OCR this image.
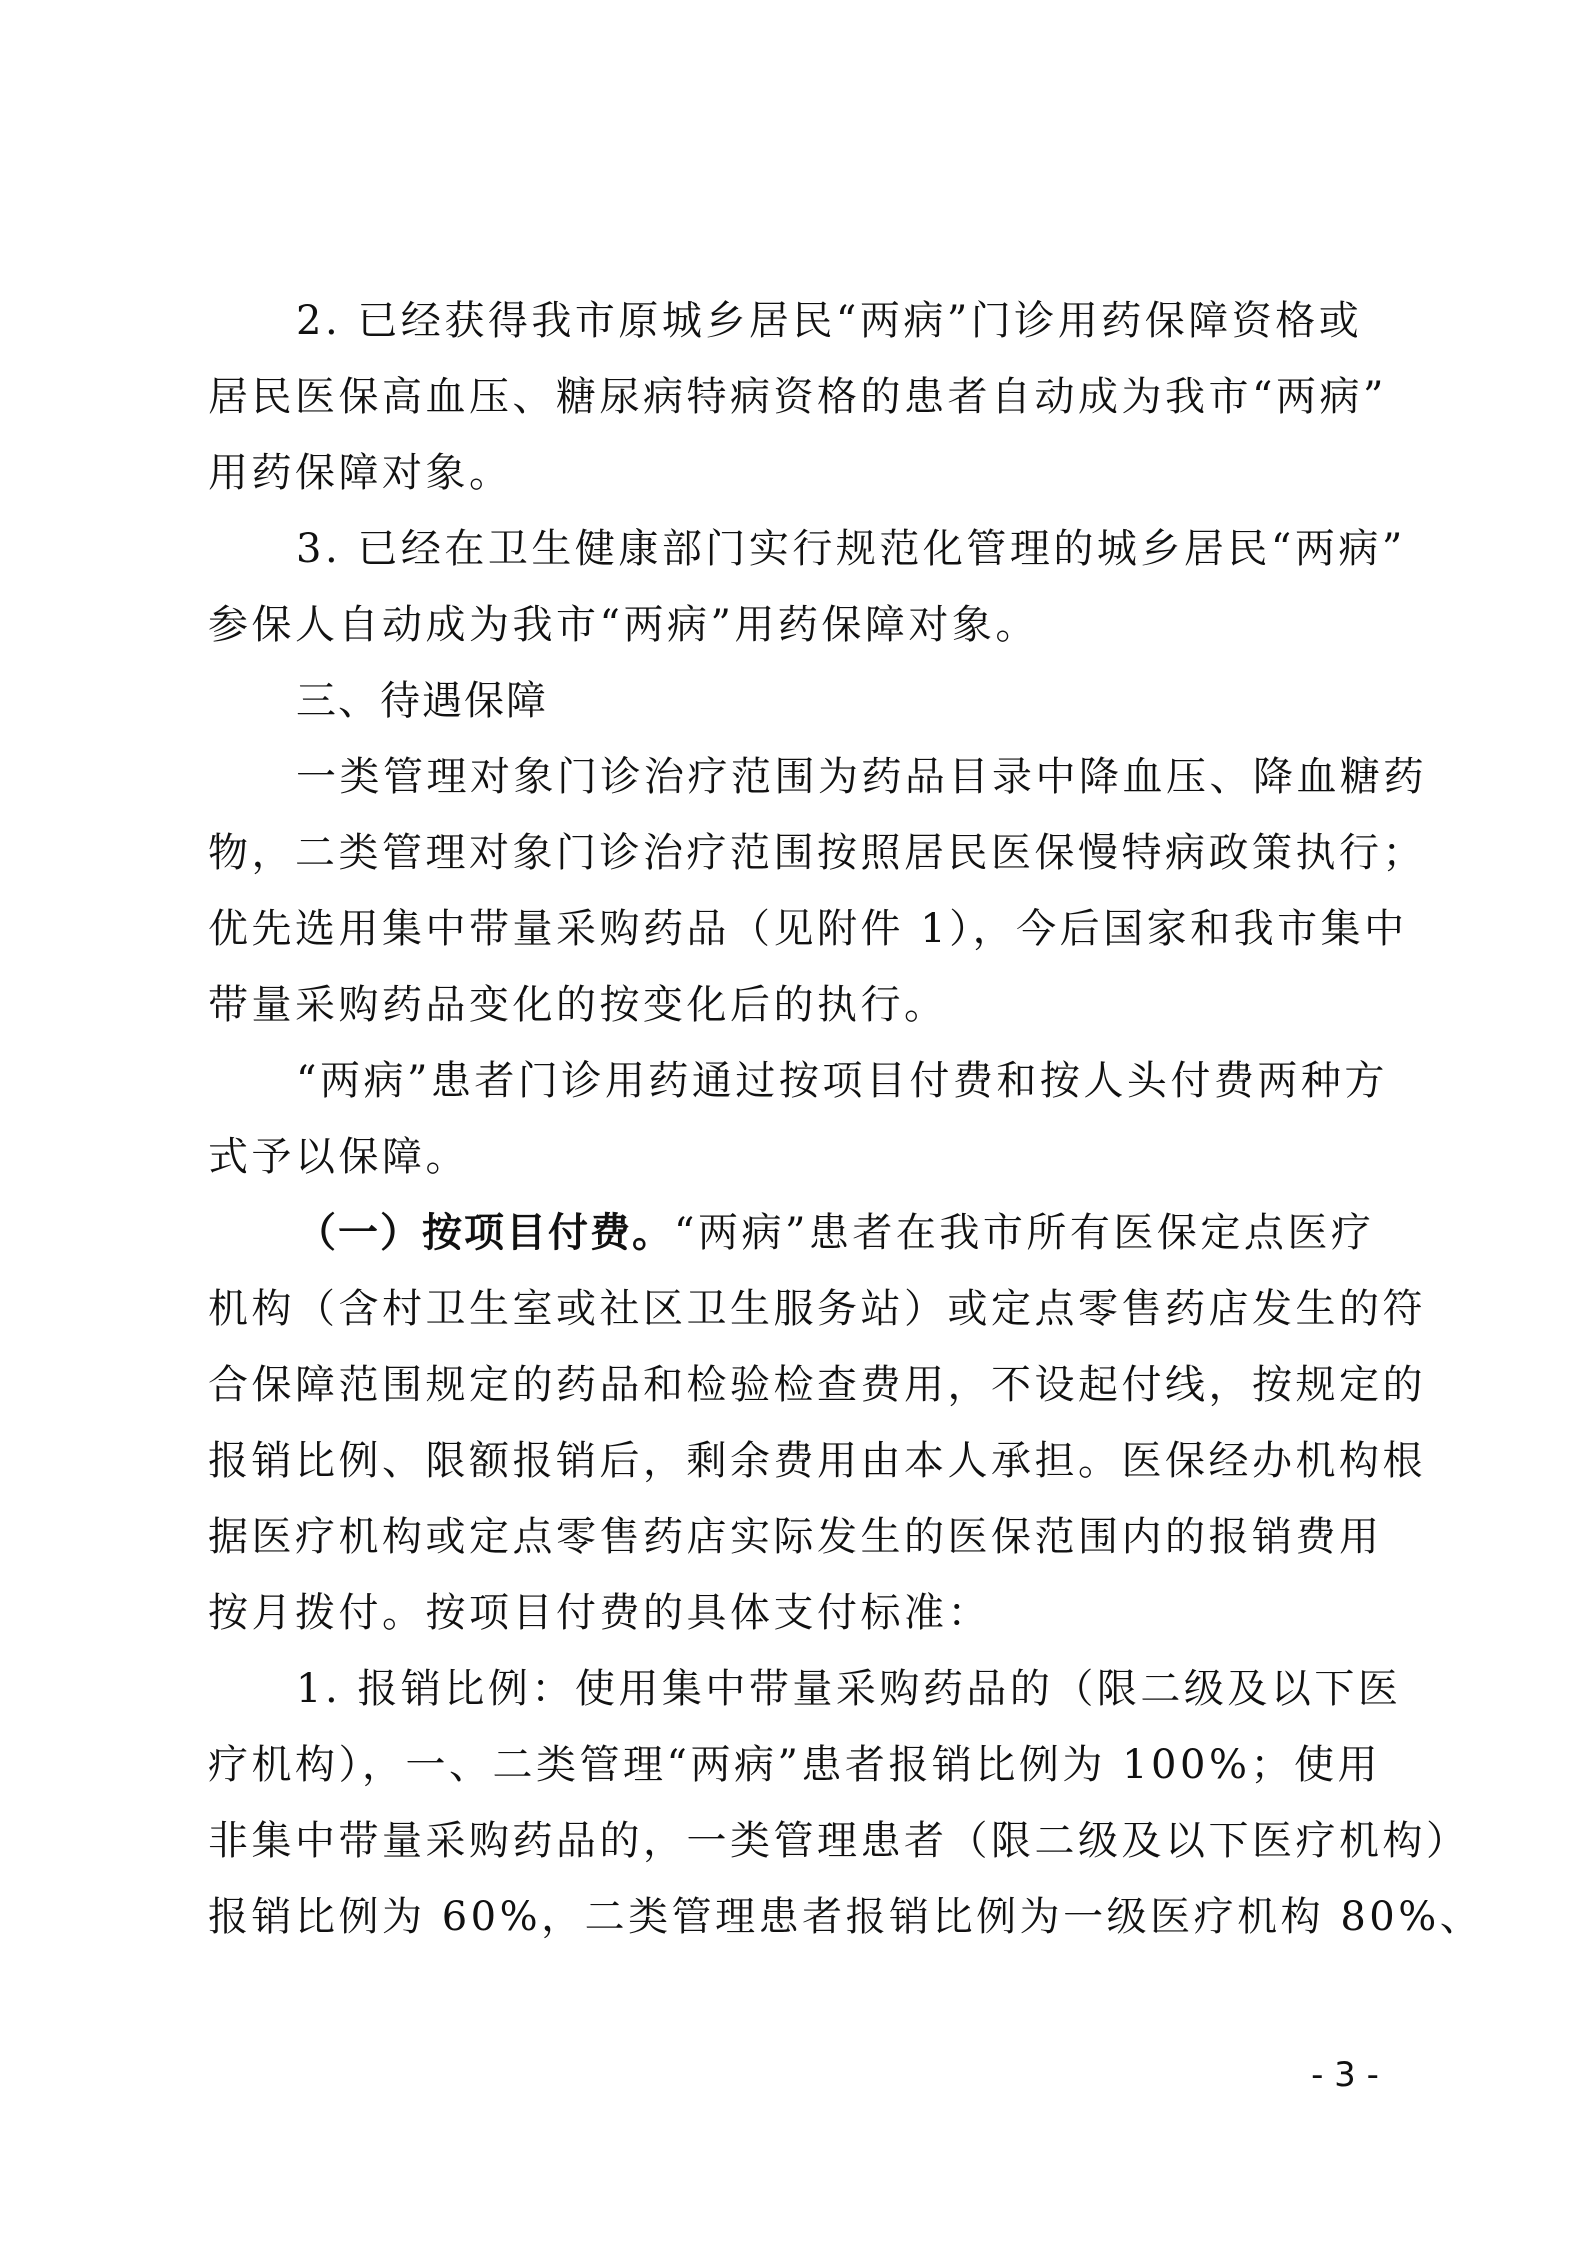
2. 已经获得我市原城乡居民“两病”门诊用药保障资格或
居民医保高血压、糖尿病特病资格的患者自动成为我市“两病”
用药保障对象。
3. 已经在卫生健康部门实行规范化管理的城乡居民“两病”
参保人自动成为我市“两病”用药保障对象。
三、待遇保障
一类管理对象门诊治疗范围为药品目录中降血压、降血糖药
物，二类管理对象门诊治疗范围按照居民医保慢特病政策执行；
优先选用集中带量采购药品（见附件 1），今后国家和我市集中
带量采购药品变化的按变化后的执行。
“两病”患者门诊用药通过按项目付费和按人头付费两种方
式予以保障。
（一）按项目付费。“两病”患者在我市所有医保定点医疗
机构（含村卫生室或社区卫生服务站）或定点零售药店发生的符
合保障范围规定的药品和检验检查费用，不设起付线，按规定的
报销比例、限额报销后，剩余费用由本人承担。医保经办机构根
据医疗机构或定点零售药店实际发生的医保范围内的报销费用
按月拨付。按项目付费的具体支付标准：
1. 报销比例：使用集中带量采购药品的（限二级及以下医
疗机构），一、二类管理“两病”患者报销比例为 100%；使用
非集中带量采购药品的，一类管理患者（限二级及以下医疗机构）
报销比例为 60%，二类管理患者报销比例为一级医疗机构 80%、
- 3 -
